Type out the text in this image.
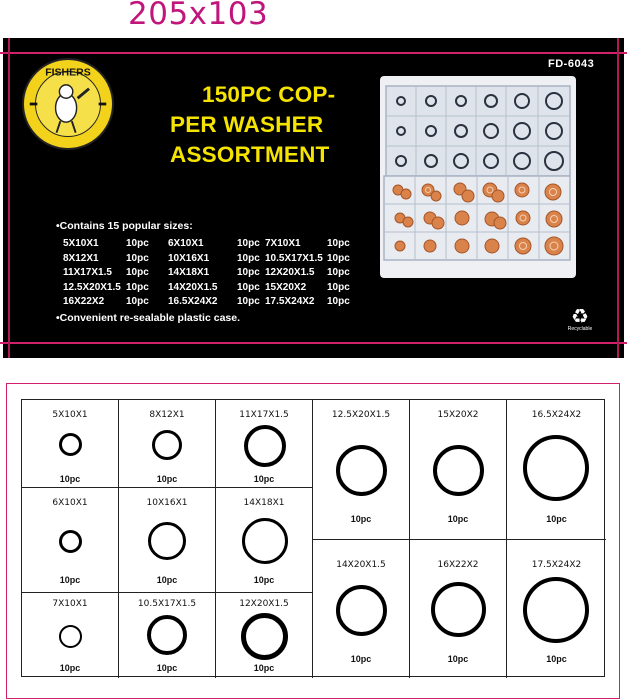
205x103
FISHERS
FD-6043
150PC COP-
PER WASHER
ASSORTMENT
•Contains 15 popular sizes:
5X10X1	10pc	6X10X1	10pc 7X10X1	10pc
8X12X1	10pc	10X16X1	10pc 10.5X17X1.5 10pc
11X17X1.5	10pc	14X18X1	10pc 12X20X1.5	10pc
12.5X20X1.5 10pc	14X20X1.5	10pc 15X20X2	10pc
16X22X2	10pc	16.5X24X2	10pc 17.5X24X2	10pc
•Convenient re-sealable plastic case.	♻
Recyclable
5X10X1
10pc
8X12X1
10pc
11X17X1.5
10pc
6X10X1
10pc
10X16X1
10pc
14X18X1
10pc
7X10X1
10pc
10.5X17X1.5
10pc
12X20X1.5
10pc
12.5X20X1.5
10pc
15X20X2
10pc
16.5X24X2
10pc
14X20X1.5
10pc
16X22X2
10pc
17.5X24X2
10pc
